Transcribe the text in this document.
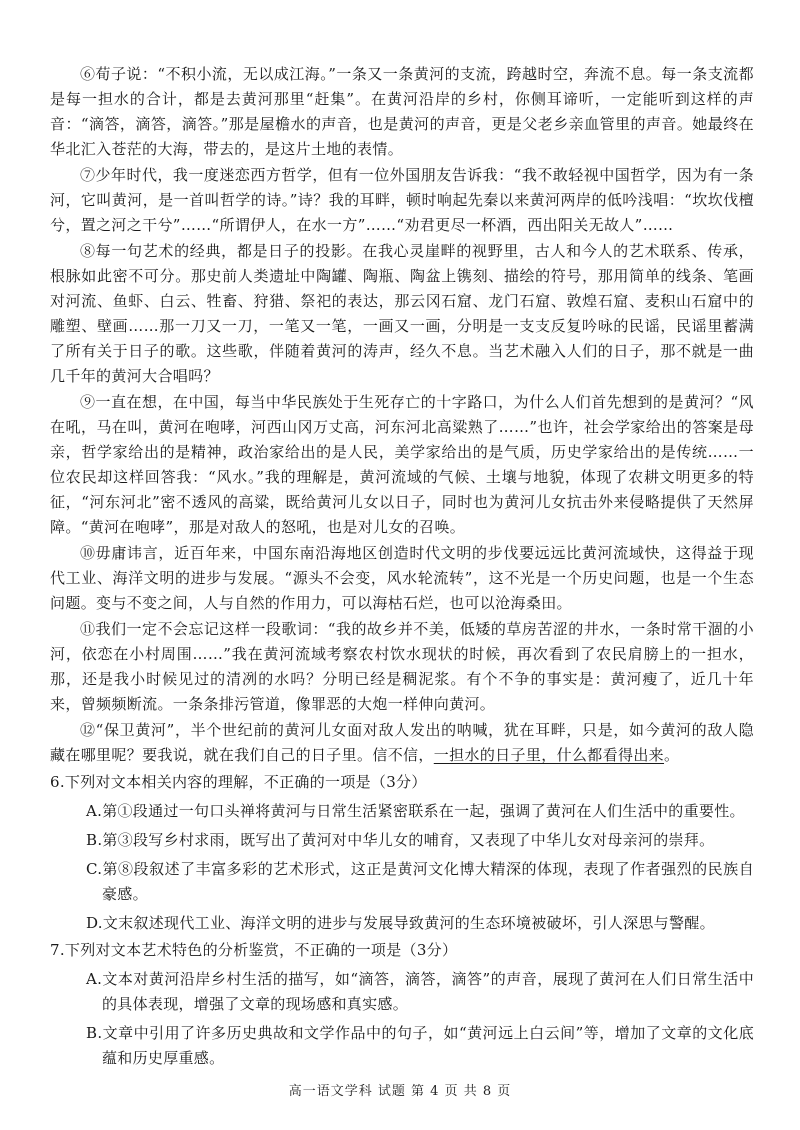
⑥荀子说：“不积小流，无以成江海。”一条又一条黄河的支流，跨越时空，奔流不息。每一条支流都是每一担水的合计，都是去黄河那里“赶集”。在黄河沿岸的乡村，你侧耳谛听，一定能听到这样的声音：“滴答，滴答，滴答。”那是屋檐水的声音，也是黄河的声音，更是父老乡亲血管里的声音。她最终在华北汇入苍茫的大海，带去的，是这片土地的表情。

⑦少年时代，我一度迷恋西方哲学，但有一位外国朋友告诉我：“我不敢轻视中国哲学，因为有一条河，它叫黄河，是一首叫哲学的诗。”诗？我的耳畔，顿时响起先秦以来黄河两岸的低吟浅唱：“坎坎伐檀兮，置之河之干兮”……“所谓伊人，在水一方”……“劝君更尽一杯酒，西出阳关无故人”……

⑧每一句艺术的经典，都是日子的投影。在我心灵崖畔的视野里，古人和今人的艺术联系、传承，根脉如此密不可分。那史前人类遗址中陶罐、陶瓶、陶盆上镌刻、描绘的符号，那用简单的线条、笔画对河流、鱼虾、白云、牲畜、狩猎、祭祀的表达，那云冈石窟、龙门石窟、敦煌石窟、麦积山石窟中的雕塑、壁画……那一刀又一刀，一笔又一笔，一画又一画，分明是一支支反复吟咏的民谣，民谣里蓄满了所有关于日子的歌。这些歌，伴随着黄河的涛声，经久不息。当艺术融入人们的日子，那不就是一曲几千年的黄河大合唱吗？

⑨一直在想，在中国，每当中华民族处于生死存亡的十字路口，为什么人们首先想到的是黄河？“风在吼，马在叫，黄河在咆哮，河西山冈万丈高，河东河北高粱熟了……”也许，社会学家给出的答案是母亲，哲学家给出的是精神，政治家给出的是人民，美学家给出的是气质，历史学家给出的是传统……一位农民却这样回答我：“风水。”我的理解是，黄河流域的气候、土壤与地貌，体现了农耕文明更多的特征，“河东河北”密不透风的高粱，既给黄河儿女以日子，同时也为黄河儿女抗击外来侵略提供了天然屏障。“黄河在咆哮”，那是对敌人的怒吼，也是对儿女的召唤。

⑩毋庸讳言，近百年来，中国东南沿海地区创造时代文明的步伐要远远比黄河流域快，这得益于现代工业、海洋文明的进步与发展。“源头不会变，风水轮流转”，这不光是一个历史问题，也是一个生态问题。变与不变之间，人与自然的作用力，可以海枯石烂，也可以沧海桑田。

⑪我们一定不会忘记这样一段歌词：“我的故乡并不美，低矮的草房苦涩的井水，一条时常干涸的小河，依恋在小村周围……”我在黄河流域考察农村饮水现状的时候，再次看到了农民肩膀上的一担水，那，还是我小时候见过的清冽的水吗？分明已经是稠泥浆。有个不争的事实是：黄河瘦了，近几十年来，曾频频断流。一条条排污管道，像罪恶的大炮一样伸向黄河。

⑫“保卫黄河”，半个世纪前的黄河儿女面对敌人发出的呐喊，犹在耳畔，只是，如今黄河的敌人隐藏在哪里呢？要我说，就在我们自己的日子里。信不信，一担水的日子里，什么都看得出来。

6.下列对文本相关内容的理解，不正确的一项是（3分）

A.第①段通过一句口头禅将黄河与日常生活紧密联系在一起，强调了黄河在人们生活中的重要性。

B.第③段写乡村求雨，既写出了黄河对中华儿女的哺育，又表现了中华儿女对母亲河的崇拜。

C.第⑧段叙述了丰富多彩的艺术形式，这正是黄河文化博大精深的体现，表现了作者强烈的民族自豪感。

D.文末叙述现代工业、海洋文明的进步与发展导致黄河的生态环境被破坏，引人深思与警醒。

7.下列对文本艺术特色的分析鉴赏，不正确的一项是（3分）

A.文本对黄河沿岸乡村生活的描写，如“滴答，滴答，滴答”的声音，展现了黄河在人们日常生活中的具体表现，增强了文章的现场感和真实感。

B.文章中引用了许多历史典故和文学作品中的句子，如“黄河远上白云间”等，增加了文章的文化底蕴和历史厚重感。

高一语文学科 试题 第 4 页 共 8 页
